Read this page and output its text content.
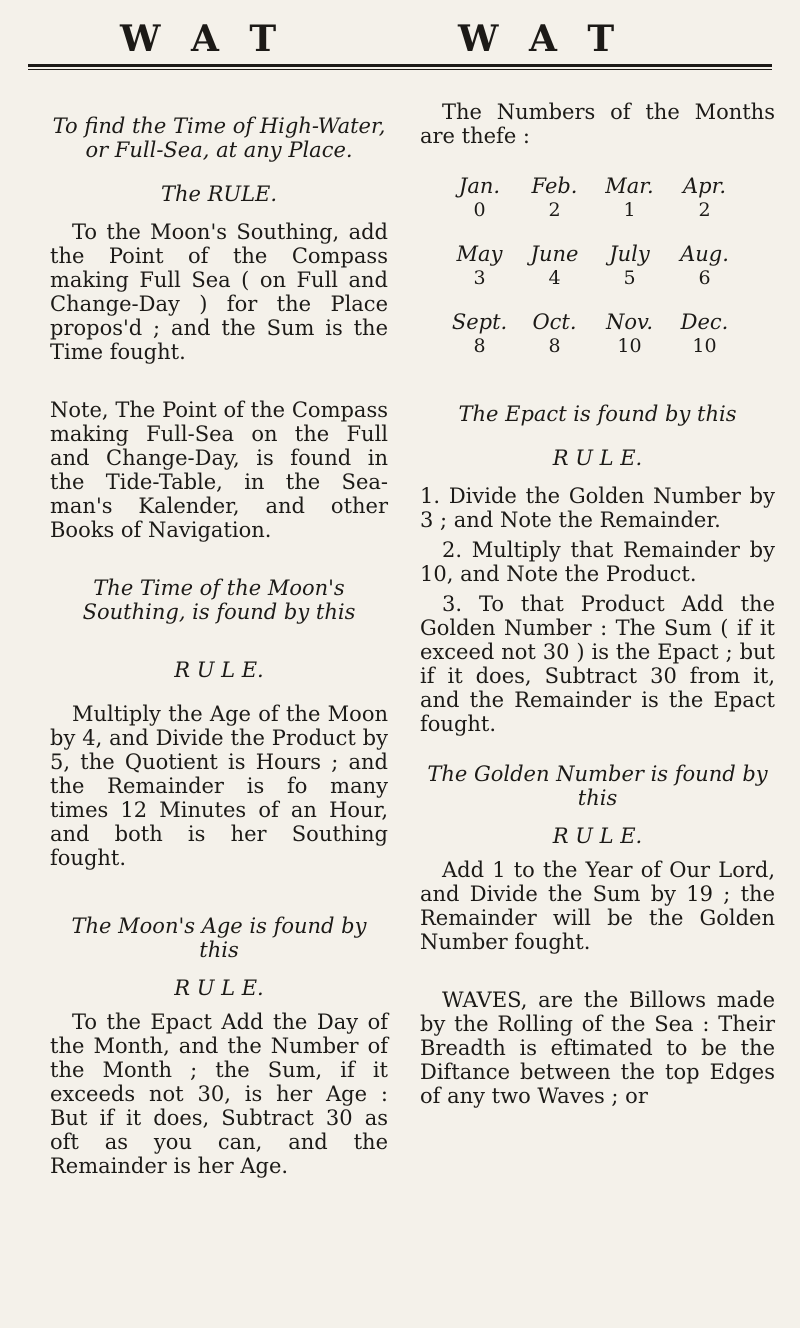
W A T	W A T

To find the Time of High-Water, or Full-Sea, at any Place.

The RULE.

To the Moon's Southing, add the Point of the Compass making Full Sea ( on Full and Change-Day ) for the Place propos'd ; and the Sum is the Time fought.

Note, The Point of the Compass making Full-Sea on the Full and Change-Day, is found in the Tide-Table, in the Sea-man's Kalender, and other Books of Navigation.

The Time of the Moon's Southing, is found by this

R U L E.

Multiply the Age of the Moon by 4, and Divide the Product by 5, the Quotient is Hours ; and the Remainder is fo many times 12 Minutes of an Hour, and both is her Southing fought.

The Moon's Age is found by this

R U L E.

To the Epact Add the Day of the Month, and the Number of the Month ; the Sum, if it exceeds not 30, is her Age : But if it does, Subtract 30 as oft as you can, and the Remainder is her Age.

The Numbers of the Months are thefe :

Jan.	Feb.	Mar.	Apr.
0	2	1	2
May	June	July	Aug.
3	4	5	6
Sept.	Oct.	Nov.	Dec.
8	8	10	10

The Epact is found by this

R U L E.

1. Divide the Golden Number by 3 ; and Note the Remainder.

2. Multiply that Remainder by 10, and Note the Product.

3. To that Product Add the Golden Number : The Sum ( if it exceed not 30 ) is the Epact ; but if it does, Subtract 30 from it, and the Remainder is the Epact fought.

The Golden Number is found by this

R U L E.

Add 1 to the Year of Our Lord, and Divide the Sum by 19 ; the Remainder will be the Golden Number fought.

WAVES, are the Billows made by the Rolling of the Sea : Their Breadth is eftimated to be the Diftance between the top Edges of any two Waves ; or
